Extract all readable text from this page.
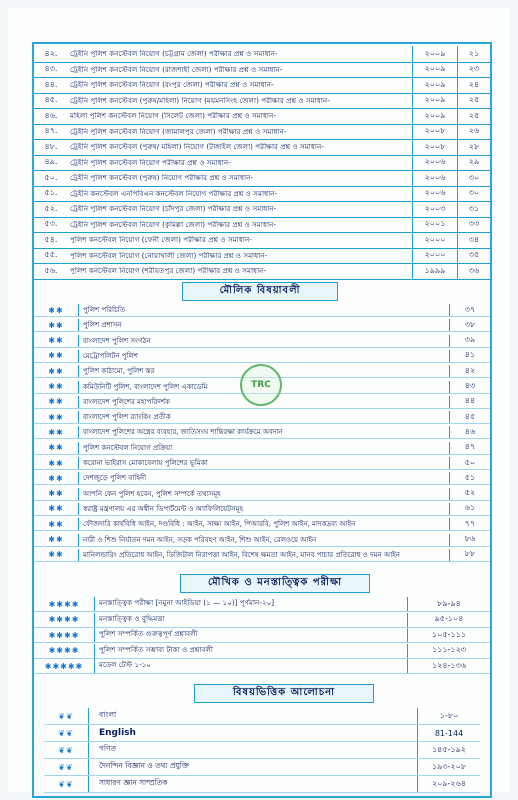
৪২.	ট্রেইনি পুলিশ কনস্টেবল নিয়োগ (চট্টগ্রাম জেলা) পরীক্ষার প্রশ্ন ও সমাধান-	২০০৯	২১
৪৩.	ট্রেইনি পুলিশ কনস্টেবল নিয়োগ (রাজশাহী জেলা) পরীক্ষার প্রশ্ন ও সমাধান-	২০০৯	২৩
৪৪.	ট্রেইনি পুলিশ কনস্টেবল নিয়োগ (রংপুর জেলা) পরীক্ষার প্রশ্ন ও সমাধান-	২০০৯	২৪
৪৫.	ট্রেইনি পুলিশ কনস্টেবল (পুরুষ/মহিলা) নিয়োগ (ময়মনসিংহ জেলা) পরীক্ষার প্রশ্ন ও সমাধান-	২০০৯	২৫
৪৬.	মহিলা পুলিশ কনস্টেবল নিয়োগ (সিলেট জেলা) পরীক্ষার প্রশ্ন ও সমাধান-	২০০৯	২৫
৪৭.	ট্রেইনি পুলিশ কনস্টেবল নিয়োগ (জামালপুর জেলা) পরীক্ষার প্রশ্ন ও সমাধান-	২০০৮	২৬
৪৮.	ট্রেইনি পুলিশ কনস্টেবল (পুরুষ/ মহিলা) নিয়োগ (টাঙ্গাইল জেলা) পরীক্ষার প্রশ্ন ও সমাধান-	২০০৮	২৮
৪৯.	ট্রেইনি পুলিশ কনস্টেবল নিয়োগ পরীক্ষার প্রশ্ন ও সমাধান-	২০০৬	২৯
৫০.	ট্রেইনি পুলিশ কনস্টেবল (পুরুষ) নিয়োগ পরীক্ষার প্রশ্ন ও সমাধান-	২০০৬	৩০
৫১.	ট্রেইনি কনস্টেবল এনপিবিএন কনস্টেবল নিয়োগ পরীক্ষার প্রশ্ন ও সমাধান-	২০০৬	৩০
৫২.	ট্রেইনি পুলিশ কনস্টেবল নিয়োগ (চাঁদপুর জেলা) পরীক্ষার প্রশ্ন ও সমাধান-	২০০৩	৩১
৫৩.	ট্রেইনি পুলিশ কনস্টেবল নিয়োগ (কুমিল্লা জেলা) পরীক্ষার প্রশ্ন ও সমাধান-	২০০১	৩৩
৫৪.	পুলিশ কনস্টেবল নিয়োগ (ফেনী জেলা) পরীক্ষার প্রশ্ন ও সমাধান-	২০০০	৩৪
৫৫.	পুলিশ কনস্টেবল নিয়োগ (নোয়াখালী জেলা) পরীক্ষার প্রশ্ন ও সমাধান-	২০০০	৩৫
৫৬.	পুলিশ কনস্টেবল নিয়োগ (শরীয়তপুর জেলা) পরীক্ষার প্রশ্ন ও সমাধান-	১৯৯৯	৩৬
মৌলিক বিষয়াবলী
✱✱	পুলিশ পরিচিতি	৩৭
✱✱	পুলিশ প্রশাসন	৩৮
✱✱	বাংলাদেশ পুলিশ সংগঠন	৩৯
✱✱	মেট্রোপলিটন পুলিশ	৪১
✱✱	পুলিশ কাঠামো, পুলিশ স্তর	৪২
✱✱	কমিউনিটি পুলিশ, বাংলাদেশ পুলিশ একাডেমি	৪৩
✱✱	বাংলাদেশ পুলিশের মহাপরিদর্শক	৪৪
✱✱	বাংলাদেশ পুলিশ র‍্যাংকিং প্রতীক	৪৫
✱✱	বাংলাদেশ পুলিশের অস্ত্রের ব্যবহার, জাতিসংঘ শান্তিরক্ষা কার্যক্রমে অবদান	৪৬
✱✱	পুলিশ কনস্টেবল নিয়োগ প্রক্রিয়া	৪৭
✱✱	করোনা ভাইরাস মোকাবেলায় পুলিশের ভূমিকা	৫০
✱✱	দেশজুড়ে পুলিশ বাহিনী	৫১
✱✱	আপনি কেন পুলিশ হবেন, পুলিশ সম্পর্কে তথ্যসমূহ	৫২
✱✱	স্বরাষ্ট্র মন্ত্রণালয় এর অধীন ডিপার্টমেন্ট ও অ্যাফিলিয়েটসমূহ	৬১
✱✱	ফৌজদারি কার্যবিধি আইন, দণ্ডবিধি : আইন, সাক্ষ্য আইন, পিআরবি, পুলিশ আইন, মাদকদ্রব্য আইন	৭৭
✱✱	নারী ও শিশু নির্যাতন দমন আইন, সড়ক পরিবহণ আইন, শিশু আইন, রেলওয়ে আইন	৮৬
✱✱	মানিলন্ডারিং প্রতিরোধ আইন, ডিজিটাল নিরাপত্তা আইন, বিশেষ ক্ষমতা আইন, মানব পাচার প্রতিরোধ ও দমন আইন	৮৮
মৌখিক ও মনস্তাত্ত্বিক পরীক্ষা
✱✱✱✱	মনস্তাত্ত্বিক পরীক্ষা [নমুনা আইডিয়া (১ — ১০)] পূর্ণমান-২০]	৮৯-৯৪
✱✱✱✱	মনস্তাত্ত্বিক ও বুদ্ধিমত্তা	৯৫-১০৪
✱✱✱✱	পুলিশ সম্পর্কিত গুরুত্বপূর্ণ প্রশ্নাবলী	১০৫-১১১
✱✱✱✱	পুলিশ সম্পর্কিত সম্ভাব্য টাকা ও প্রশ্নাবলী	১১১-১২৩
✱✱✱✱✱	মডেল টেস্ট ১-১০	১২৪-১৩৬
বিষয়ভিত্তিক আলোচনা
❦❦	বাংলা	১-৮০
❦❦	English	81-144
❦❦	গণিত	১৪৫-১৯২
❦❦	দৈনন্দিন বিজ্ঞান ও তথ্য প্রযুক্তি	১৯৩-২০৮
❦❦	সাধারণ জ্ঞান সাম্প্রতিক	২০৯-২৬৪
TRC
